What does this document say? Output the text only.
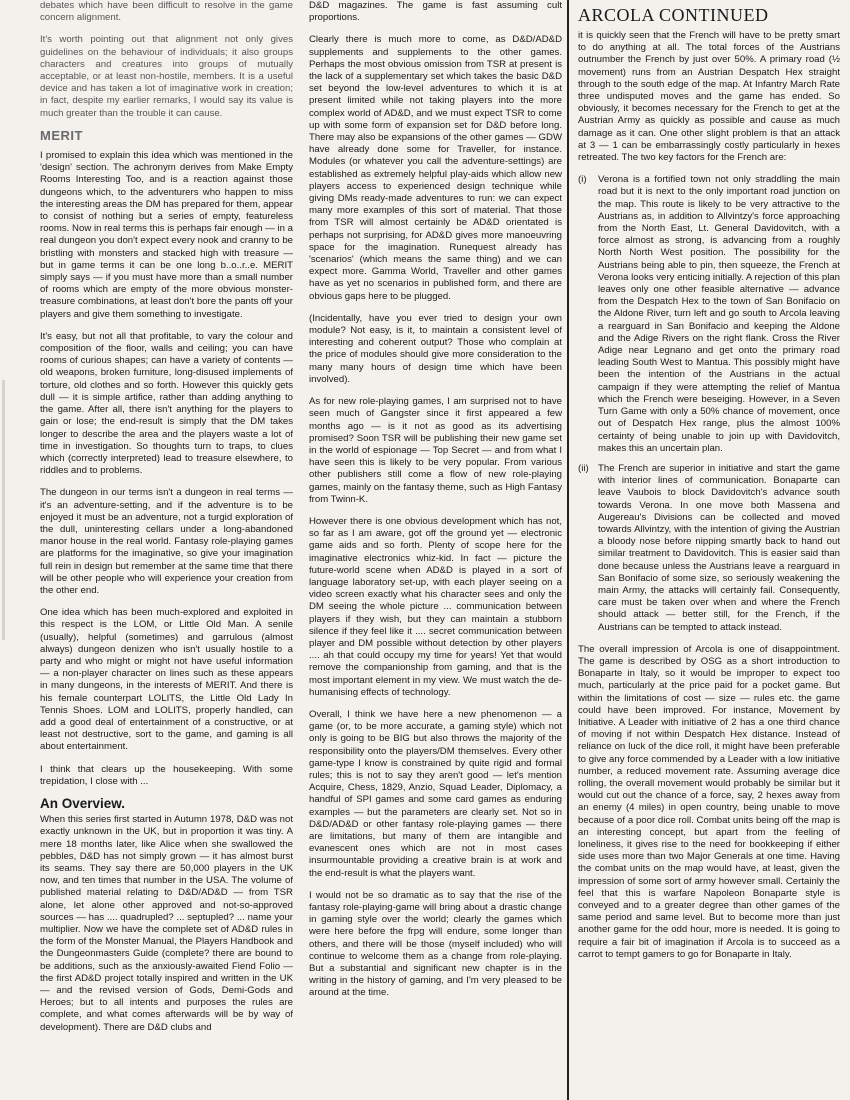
debates which have been difficult to resolve in the game concern alignment.

It's worth pointing out that alignment not only gives guidelines on the behaviour of individuals; it also groups characters and creatures into groups of mutually acceptable, or at least non-hostile, members. It is a useful device and has taken a lot of imaginative work in creation; in fact, despite my earlier remarks, I would say its value is much greater than the trouble it can cause.

MERIT

I promised to explain this idea which was mentioned in the 'design' section. The achronym derives from Make Empty Rooms Interesting Too, and is a reaction against those dungeons which, to the adventurers who happen to miss the interesting areas the DM has prepared for them, appear to consist of nothing but a series of empty, featureless rooms. Now in real terms this is perhaps fair enough — in a real dungeon you don't expect every nook and cranny to be bristling with monsters and stacked high with treasure — but in game terms it can be one long b..o..r..e. MERIT simply says — if you must have more than a small number of rooms which are empty of the more obvious monster-treasure combinations, at least don't bore the pants off your players and give them something to investigate.

It's easy, but not all that profitable, to vary the colour and composition of the floor, walls and ceiling; you can have rooms of curious shapes; can have a variety of contents — old weapons, broken furniture, long-disused implements of torture, old clothes and so forth. However this quickly gets dull — it is simple artifice, rather than adding anything to the game. After all, there isn't anything for the players to gain or lose; the end-result is simply that the DM takes longer to describe the area and the players waste a lot of time in investigation. So thoughts turn to traps, to clues which (correctly interpreted) lead to treasure elsewhere, to riddles and to problems.

The dungeon in our terms isn't a dungeon in real terms — it's an adventure-setting, and if the adventure is to be enjoyed it must be an adventure, not a turgid exploration of the dull, uninteresting cellars under a long-abandoned manor house in the real world. Fantasy role-playing games are platforms for the imaginative, so give your imagination full rein in design but remember at the same time that there will be other people who will experience your creation from the other end.

One idea which has been much-explored and exploited in this respect is the LOM, or Little Old Man. A senile (usually), helpful (sometimes) and garrulous (almost always) dungeon denizen who isn't usually hostile to a party and who might or might not have useful information — a non-player character on lines such as these appears in many dungeons, in the interests of MERIT. And there is his female counterpart LOLITS, the Little Old Lady In Tennis Shoes. LOM and LOLITS, properly handled, can add a good deal of entertainment of a constructive, or at least not destructive, sort to the game, and gaming is all about entertainment.

I think that clears up the housekeeping. With some trepidation, I close with ...

An Overview.

When this series first started in Autumn 1978, D&D was not exactly unknown in the UK, but in proportion it was tiny. A mere 18 months later, like Alice when she swallowed the pebbles, D&D has not simply grown — it has almost burst its seams. They say there are 50,000 players in the UK now, and ten times that number in the USA. The volume of published material relating to D&D/AD&D — from TSR alone, let alone other approved and not-so-approved sources — has .... quadrupled? ... septupled? ... name your multiplier. Now we have the complete set of AD&D rules in the form of the Monster Manual, the Players Handbook and the Dungeonmasters Guide (complete? there are bound to be additions, such as the anxiously-awaited Fiend Folio — the first AD&D project totally inspired and written in the UK — and the revised version of Gods, Demi-Gods and Heroes; but to all intents and purposes the rules are complete, and what comes afterwards will be by way of development). There are D&D clubs and

D&D magazines. The game is fast assuming cult proportions.

Clearly there is much more to come, as D&D/AD&D supplements and supplements to the other games. Perhaps the most obvious omission from TSR at present is the lack of a supplementary set which takes the basic D&D set beyond the low-level adventures to which it is at present limited while not taking players into the more complex world of AD&D, and we must expect TSR to come up with some form of expansion set for D&D before long. There may also be expansions of the other games — GDW have already done some for Traveller, for instance. Modules (or whatever you call the adventure-settings) are established as extremely helpful play-aids which allow new players access to experienced design technique while giving DMs ready-made adventures to run: we can expect many more examples of this sort of material. That those from TSR will almost certainly be AD&D orientated is perhaps not surprising, for AD&D gives more manoeuvring space for the imagination. Runequest already has 'scenarios' (which means the same thing) and we can expect more. Gamma World, Traveller and other games have as yet no scenarios in published form, and there are obvious gaps here to be plugged.

(Incidentally, have you ever tried to design your own module? Not easy, is it, to maintain a consistent level of interesting and coherent output? Those who complain at the price of modules should give more consideration to the many many hours of design time which have been involved).

As for new role-playing games, I am surprised not to have seen much of Gangster since it first appeared a few months ago — is it not as good as its advertising promised? Soon TSR will be publishing their new game set in the world of espionage — Top Secret — and from what I have seen this is likely to be very popular. From various other publishers still come a flow of new role-playing games, mainly on the fantasy theme, such as High Fantasy from Twinn-K.

However there is one obvious development which has not, so far as I am aware, got off the ground yet — electronic game aids and so forth. Plenty of scope here for the imaginative electronics whiz-kid. In fact — picture the future-world scene when AD&D is played in a sort of language laboratory set-up, with each player seeing on a video screen exactly what his character sees and only the DM seeing the whole picture ... communication between players if they wish, but they can maintain a stubborn silence if they feel like it .... secret communication between player and DM possible without detection by other players .... ah that could occupy my time for years! Yet that would remove the companionship from gaming, and that is the most important element in my view. We must watch the de-humanising effects of technology.

Overall, I think we have here a new phenomenon — a game (or, to be more accurate, a gaming style) which not only is going to be BIG but also throws the majority of the responsibility onto the players/DM themselves. Every other game-type I know is constrained by quite rigid and formal rules; this is not to say they aren't good — let's mention Acquire, Chess, 1829, Anzio, Squad Leader, Diplomacy, a handful of SPI games and some card games as enduring examples — but the parameters are clearly set. Not so in D&D/AD&D or other fantasy role-playing games — there are limitations, but many of them are intangible and evanescent ones which are not in most cases insurmountable providing a creative brain is at work and the end-result is what the players want.

I would not be so dramatic as to say that the rise of the fantasy role-playing-game will bring about a drastic change in gaming style over the world; clearly the games which were here before the frpg will endure, some longer than others, and there will be those (myself included) who will continue to welcome them as a change from role-playing. But a substantial and significant new chapter is in the writing in the history of gaming, and I'm very pleased to be around at the time.

ARCOLA CONTINUED

it is quickly seen that the French will have to be pretty smart to do anything at all. The total forces of the Austrians outnumber the French by just over 50%. A primary road (½ movement) runs from an Austrian Despatch Hex straight through to the south edge of the map. At Infantry March Rate three undisputed moves and the game has ended. So obviously, it becomes necessary for the French to get at the Austrian Army as quickly as possible and cause as much damage as it can. One other slight problem is that an attack at 3 — 1 can be embarrassingly costly particularly in hexes retreated. The two key factors for the French are:

(i) Verona is a fortified town not only straddling the main road but it is next to the only important road junction on the map. This route is likely to be very attractive to the Austrians as, in addition to Allvintzy's force approaching from the North East, Lt. General Davidovitch, with a force almost as strong, is advancing from a roughly North North West position. The possibility for the Austrians being able to pin, then squeeze, the French at Verona looks very enticing initially. A rejection of this plan leaves only one other feasible alternative — advance from the Despatch Hex to the town of San Bonifacio on the Aldone River, turn left and go south to Arcola leaving a rearguard in San Bonifacio and keeping the Aldone and the Adige Rivers on the right flank. Cross the River Adige near Legnano and get onto the primary road leading South West to Mantua. This possibly might have been the intention of the Austrians in the actual campaign if they were attempting the relief of Mantua which the French were beseiging. However, in a Seven Turn Game with only a 50% chance of movement, once out of Despatch Hex range, plus the almost 100% certainty of being unable to join up with Davidovitch, makes this an uncertain plan.
(ii) The French are superior in initiative and start the game with interior lines of communication. Bonaparte can leave Vaubois to block Davidovitch's advance south towards Verona. In one move both Massena and Augereau's Divisions can be collected and moved towards Allvintzy, with the intention of giving the Austrian a bloody nose before nipping smartly back to hand out similar treatment to Davidovitch. This is easier said than done because unless the Austrians leave a rearguard in San Bonifacio of some size, so seriously weakening the main Army, the attacks will certainly fail. Consequently, care must be taken over when and where the French should attack — better still, for the French, if the Austrians can be tempted to attack instead.

The overall impression of Arcola is one of disappointment. The game is described by OSG as a short introduction to Bonaparte in Italy, so it would be improper to expect too much, particularly at the price paid for a pocket game. But within the limitations of cost — size — rules etc. the game could have been improved. For instance, Movement by Initiative. A Leader with initiative of 2 has a one third chance of moving if not within Despatch Hex distance. Instead of reliance on luck of the dice roll, it might have been preferable to give any force commended by a Leader with a low initiative number, a reduced movement rate. Assuming average dice rolling, the overall movement would probably be similar but it would cut out the chance of a force, say, 2 hexes away from an enemy (4 miles) in open country, being unable to move because of a poor dice roll. Combat units being off the map is an interesting concept, but apart from the feeling of loneliness, it gives rise to the need for bookkeeping if either side uses more than two Major Generals at one time. Having the combat units on the map would have, at least, given the impression of some sort of army however small. Certainly the feel that this is warfare Napoleon Bonaparte style is conveyed and to a greater degree than other games of the same period and same level. But to become more than just another game for the odd hour, more is needed. It is going to require a fair bit of imagination if Arcola is to succeed as a carrot to tempt gamers to go for Bonaparte in Italy.
